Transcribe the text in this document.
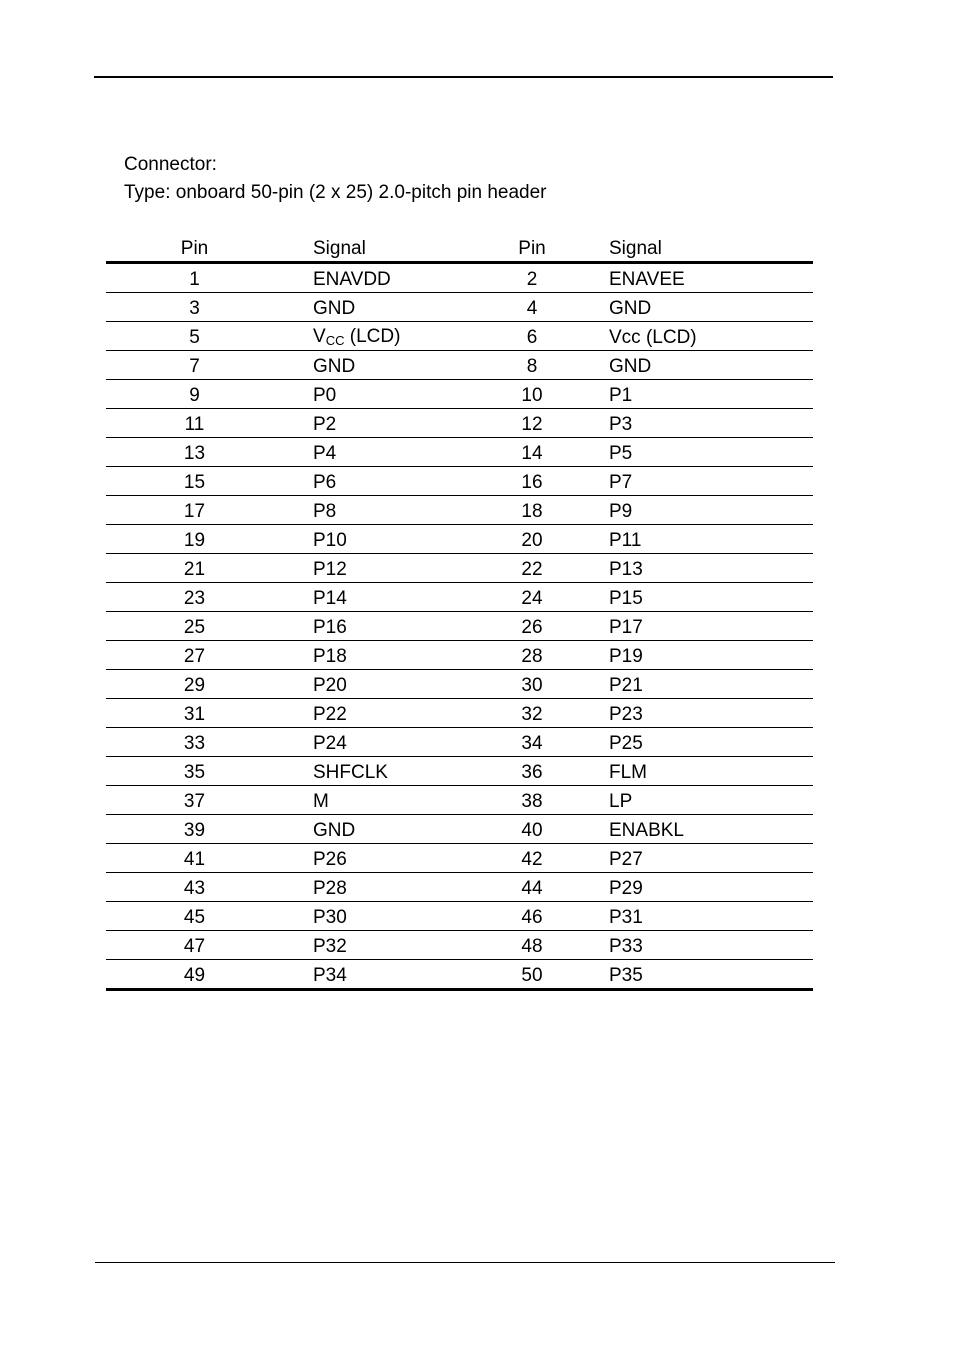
Connector:
Type: onboard 50-pin (2 x 25) 2.0-pitch pin header
Pin	Signal	Pin	Signal
1	ENAVDD	2	ENAVEE
3	GND	4	GND
5	VCC (LCD)	6	Vcc (LCD)
7	GND	8	GND
9	P0	10	P1
11	P2	12	P3
13	P4	14	P5
15	P6	16	P7
17	P8	18	P9
19	P10	20	P11
21	P12	22	P13
23	P14	24	P15
25	P16	26	P17
27	P18	28	P19
29	P20	30	P21
31	P22	32	P23
33	P24	34	P25
35	SHFCLK	36	FLM
37	M	38	LP
39	GND	40	ENABKL
41	P26	42	P27
43	P28	44	P29
45	P30	46	P31
47	P32	48	P33
49	P34	50	P35
